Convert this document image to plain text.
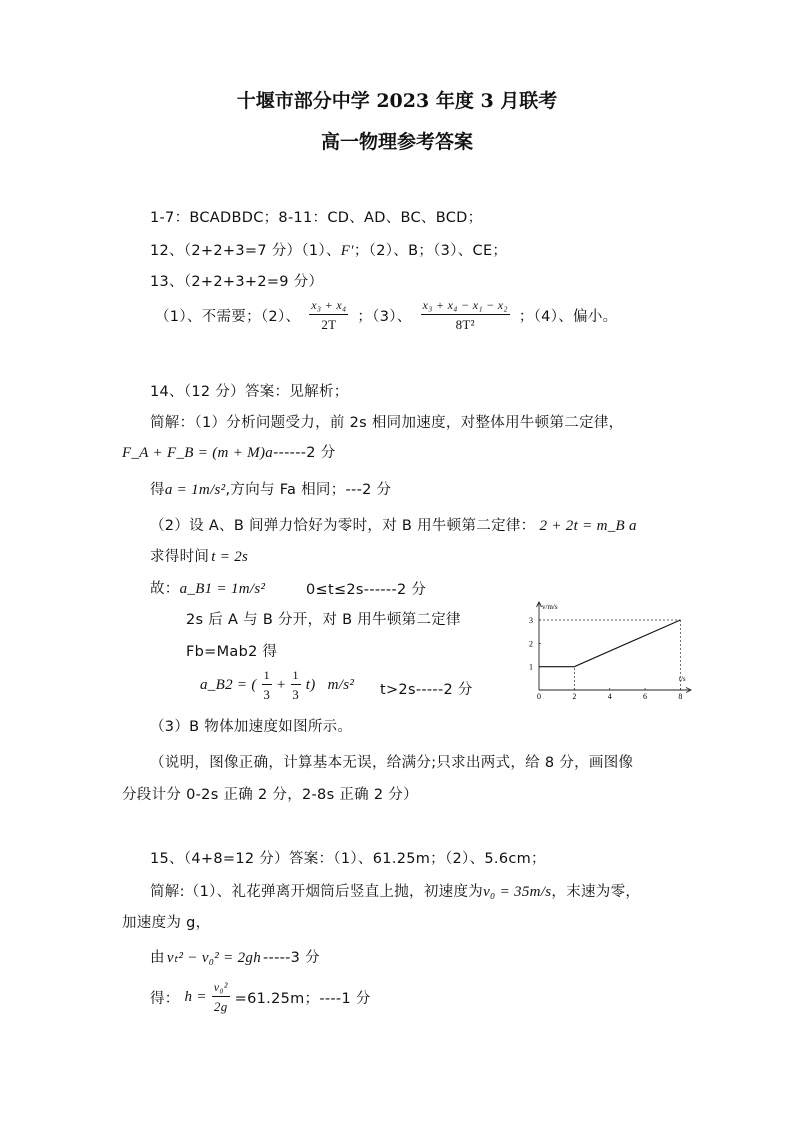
十堰市部分中学 2023 年度 3 月联考
高一物理参考答案
1-7：BCADBDC；8-11：CD、AD、BC、BCD；
12、（2+2+3=7 分）（1）、F′；（2）、B；（3）、CE；
13、（2+2+3+2=9 分）
（1）、不需要；（2）、 $\frac{\text{x₃ + x₄}}{2T}$ ；（3）、 $\frac{\text{x₃ + x₄ − x₁ − x₂}}{\text{8T²}}$ ；（4）、偏小。
14、（12 分）答案：见解析；
简解：（1）分析问题受力，前 2s 相同加速度，对整体用牛顿第二定律，
F_A + F_B = (m + M)a------2 分
得a = 1m/s²,方向与 Fa 相同；---2 分
（2）设 A、B 间弹力恰好为零时，对 B 用牛顿第二定律： 2 + 2t = m_B a
求得时间 t = 2s
故：a_B1 = 1m/s²	0≤t≤2s------2 分
2s 后 A 与 B 分开，对 B 用牛顿第二定律
Fb=Mab2 得
a_B2 = ( $\frac{1}{3} + \frac{1}{3} t$)   m/s² t>2s-----2 分	0	2	4	6	8
1
2
3
v/m/s
t/s
（3）B 物体加速度如图所示。
（说明，图像正确，计算基本无误，给满分;只求出两式，给 8 分，画图像
分段计分 0-2s 正确 2 分，2-8s 正确 2 分）
15、（4+8=12 分）答案：（1）、61.25m；（2）、5.6cm；
简解:（1）、礼花弹离开烟筒后竖直上抛，初速度为v₀ = 35m/s，末速为零，
加速度为 g，
由 vₜ² − v₀² = 2gh -----3 分
得： $h = \frac{\text{v₀²}}{2g} =61.25m$；----1 分
